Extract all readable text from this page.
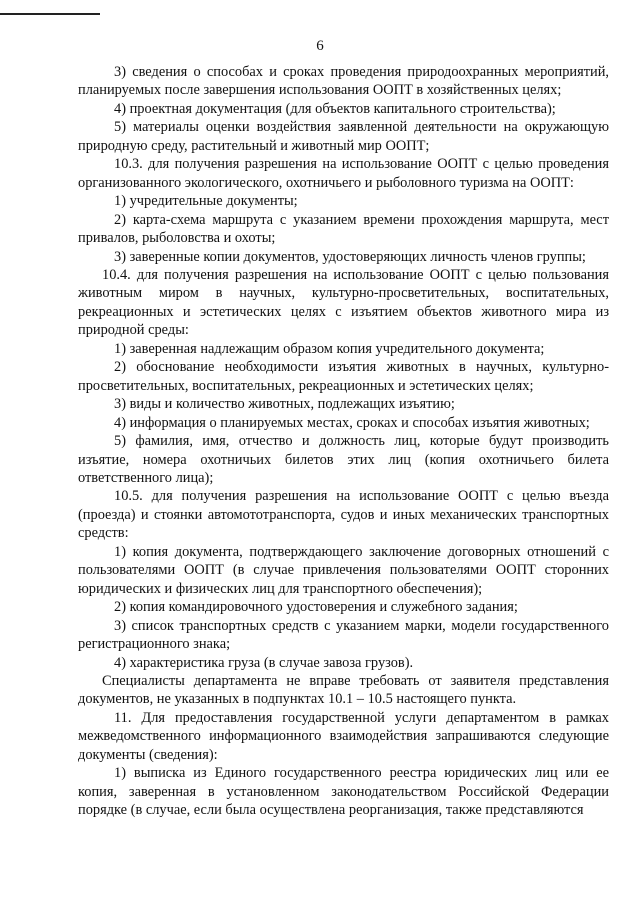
6

3) сведения о способах и сроках проведения природоохранных мероприятий, планируемых после завершения использования ООПТ в хозяйственных целях;

4) проектная документация (для объектов капитального строительства);

5) материалы оценки воздействия заявленной деятельности на окружающую природную среду, растительный и животный мир ООПТ;

10.3. для получения разрешения на использование ООПТ с целью проведения организованного экологического, охотничьего и рыболовного туризма на ООПТ:

1) учредительные документы;

2) карта-схема маршрута с указанием времени прохождения маршрута, мест привалов, рыболовства и охоты;

3) заверенные копии документов, удостоверяющих личность членов группы;

10.4. для получения разрешения на использование ООПТ с целью пользования животным миром в научных, культурно-просветительных, воспитательных, рекреационных и эстетических целях с изъятием объектов животного мира из природной среды:

1) заверенная надлежащим образом копия учредительного документа;

2) обоснование необходимости изъятия животных в научных, культурно-просветительных, воспитательных, рекреационных и эстетических целях;

3) виды и количество животных, подлежащих изъятию;

4) информация о планируемых местах, сроках и способах изъятия животных;

5) фамилия, имя, отчество и должность лиц, которые будут производить изъятие, номера охотничьих билетов этих лиц (копия охотничьего билета ответственного лица);

10.5. для получения разрешения на использование ООПТ с целью въезда (проезда) и стоянки автомототранспорта, судов и иных механических транспортных средств:

1) копия документа, подтверждающего заключение договорных отношений с пользователями ООПТ (в случае привлечения пользователями ООПТ сторонних юридических и физических лиц для транспортного обеспечения);

2) копия командировочного удостоверения и служебного задания;

3) список транспортных средств с указанием марки, модели государственного регистрационного знака;

4) характеристика груза (в случае завоза грузов).

Специалисты департамента не вправе требовать от заявителя представления документов, не указанных в подпунктах 10.1 – 10.5 настоящего пункта.

11. Для предоставления государственной услуги департаментом в рамках межведомственного информационного взаимодействия запрашиваются следующие документы (сведения):

1) выписка из Единого государственного реестра юридических лиц или ее копия, заверенная в установленном законодательством Российской Федерации порядке (в случае, если была осуществлена реорганизация, также представляются
